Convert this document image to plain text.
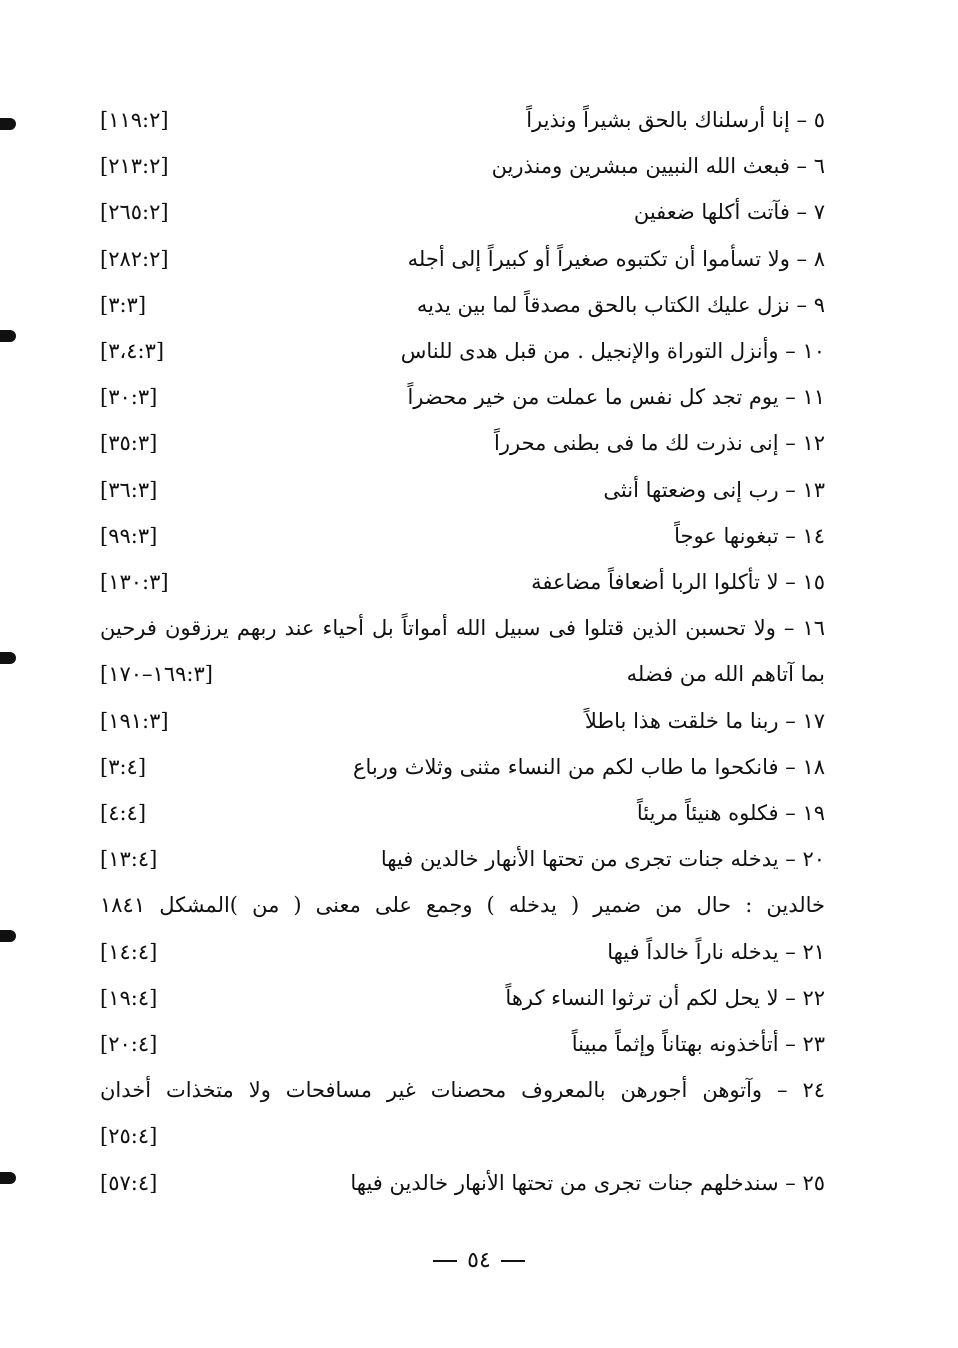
٥ – إنا أرسلناك بالحق بشيراً ونذيراً
[١١٩:٢]
٦ – فبعث الله النبيين مبشرين ومنذرين
[٢١٣:٢]
٧ – فآتت أكلها ضعفين
[٢٦٥:٢]
٨ – ولا تسأموا أن تكتبوه صغيراً أو كبيراً إلى أجله
[٢٨٢:٢]
٩ – نزل عليك الكتاب بالحق مصدقاً لما بين يديه
[٣:٣]
١٠ – وأنزل التوراة والإنجيل . من قبل هدى للناس
[٣،٤:٣]
١١ – يوم تجد كل نفس ما عملت من خير محضراً
[٣٠:٣]
١٢ – إنى نذرت لك ما فى بطنى محرراً
[٣٥:٣]
١٣ – رب إنى وضعتها أنثى
[٣٦:٣]
١٤ – تبغونها عوجاً
[٩٩:٣]
١٥ – لا تأكلوا الربا أضعافاً مضاعفة
[١٣٠:٣]
١٦ – ولا تحسبن الذين قتلوا فى سبيل الله أمواتاً بل أحياء عند ربهم يرزقون فرحين
بما آتاهم الله من فضله
[١٦٩:٣–١٧٠]
١٧ – ربنا ما خلقت هذا باطلاً
[١٩١:٣]
١٨ – فانكحوا ما طاب لكم من النساء مثنى وثلاث ورباع
[٣:٤]
١٩ – فكلوه هنيئاً مريئاً
[٤:٤]
٢٠ – يدخله جنات تجرى من تحتها الأنهار خالدين فيها
[١٣:٤]
خالدين : حال من ضمير ( يدخله ) وجمع على معنى ( من )المشكل ١٨٤١
٢١ – يدخله ناراً خالداً فيها
[١٤:٤]
٢٢ – لا يحل لكم أن ترثوا النساء كرهاً
[١٩:٤]
٢٣ – أتأخذونه بهتاناً وإثماً مبيناً
[٢٠:٤]
٢٤ – وآتوهن أجورهن بالمعروف محصنات غير مسافحات ولا متخذات أخدان
[٢٥:٤]
٢٥ – سندخلهم جنات تجرى من تحتها الأنهار خالدين فيها
[٥٧:٤]
٥٤
